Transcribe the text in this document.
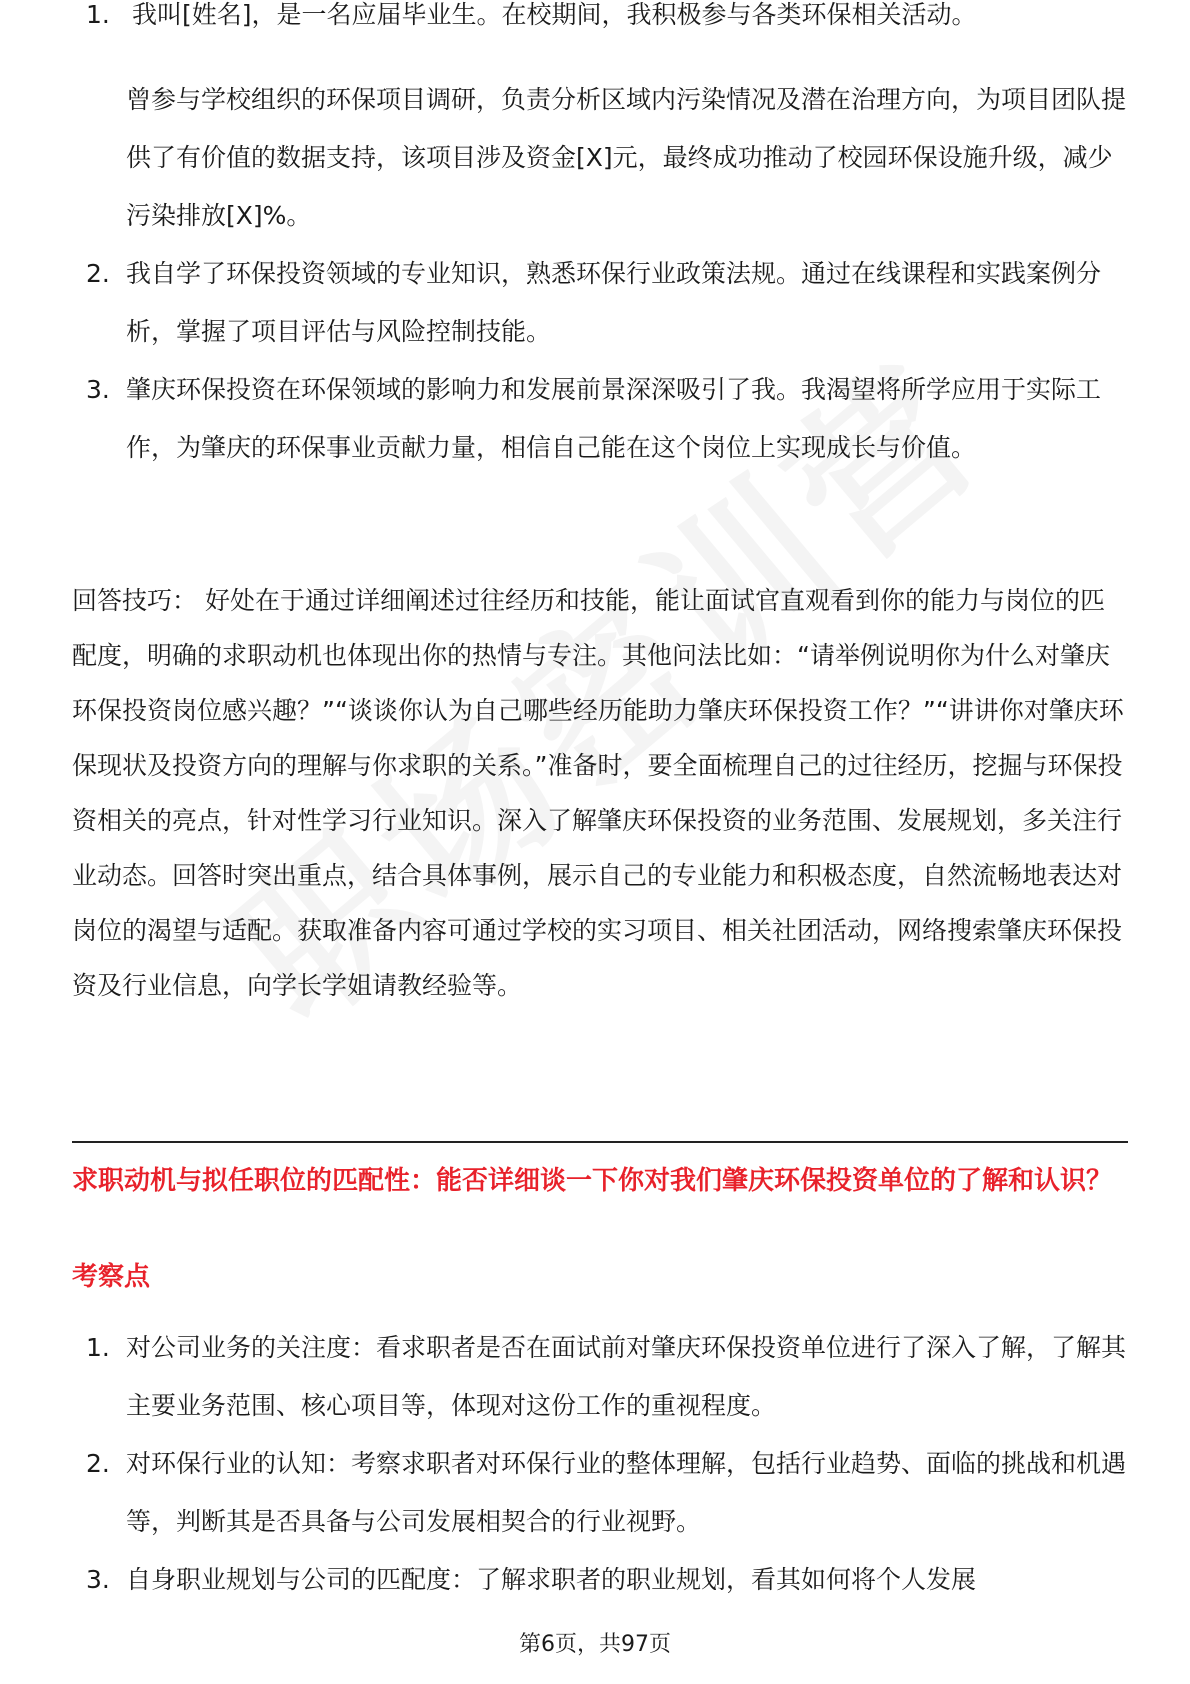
1. 我叫[姓名]，是一名应届毕业生。在校期间，我积极参与各类环保相关活动。
曾参与学校组织的环保项目调研，负责分析区域内污染情况及潜在治理方向，为项目团队提供了有价值的数据支持，该项目涉及资金[X]元，最终成功推动了校园环保设施升级，减少污染排放[X]%。
2. 我自学了环保投资领域的专业知识，熟悉环保行业政策法规。通过在线课程和实践案例分析，掌握了项目评估与风险控制技能。
3. 肇庆环保投资在环保领域的影响力和发展前景深深吸引了我。我渴望将所学应用于实际工作，为肇庆的环保事业贡献力量，相信自己能在这个岗位上实现成长与价值。

回答技巧： 好处在于通过详细阐述过往经历和技能，能让面试官直观看到你的能力与岗位的匹配度，明确的求职动机也体现出你的热情与专注。其他问法比如：“请举例说明你为什么对肇庆环保投资岗位感兴趣？”“谈谈你认为自己哪些经历能助力肇庆环保投资工作？”“讲讲你对肇庆环保现状及投资方向的理解与你求职的关系。”准备时，要全面梳理自己的过往经历，挖掘与环保投资相关的亮点，针对性学习行业知识。深入了解肇庆环保投资的业务范围、发展规划，多关注行业动态。回答时突出重点，结合具体事例，展示自己的专业能力和积极态度，自然流畅地表达对岗位的渴望与适配。获取准备内容可通过学校的实习项目、相关社团活动，网络搜索肇庆环保投资及行业信息，向学长学姐请教经验等。

求职动机与拟任职位的匹配性：能否详细谈一下你对我们肇庆环保投资单位的了解和认识？

考察点

1. 对公司业务的关注度：看求职者是否在面试前对肇庆环保投资单位进行了深入了解，了解其主要业务范围、核心项目等，体现对这份工作的重视程度。
2. 对环保行业的认知：考察求职者对环保行业的整体理解，包括行业趋势、面临的挑战和机遇等，判断其是否具备与公司发展相契合的行业视野。
3. 自身职业规划与公司的匹配度：了解求职者的职业规划，看其如何将个人发展
第6页，共97页
